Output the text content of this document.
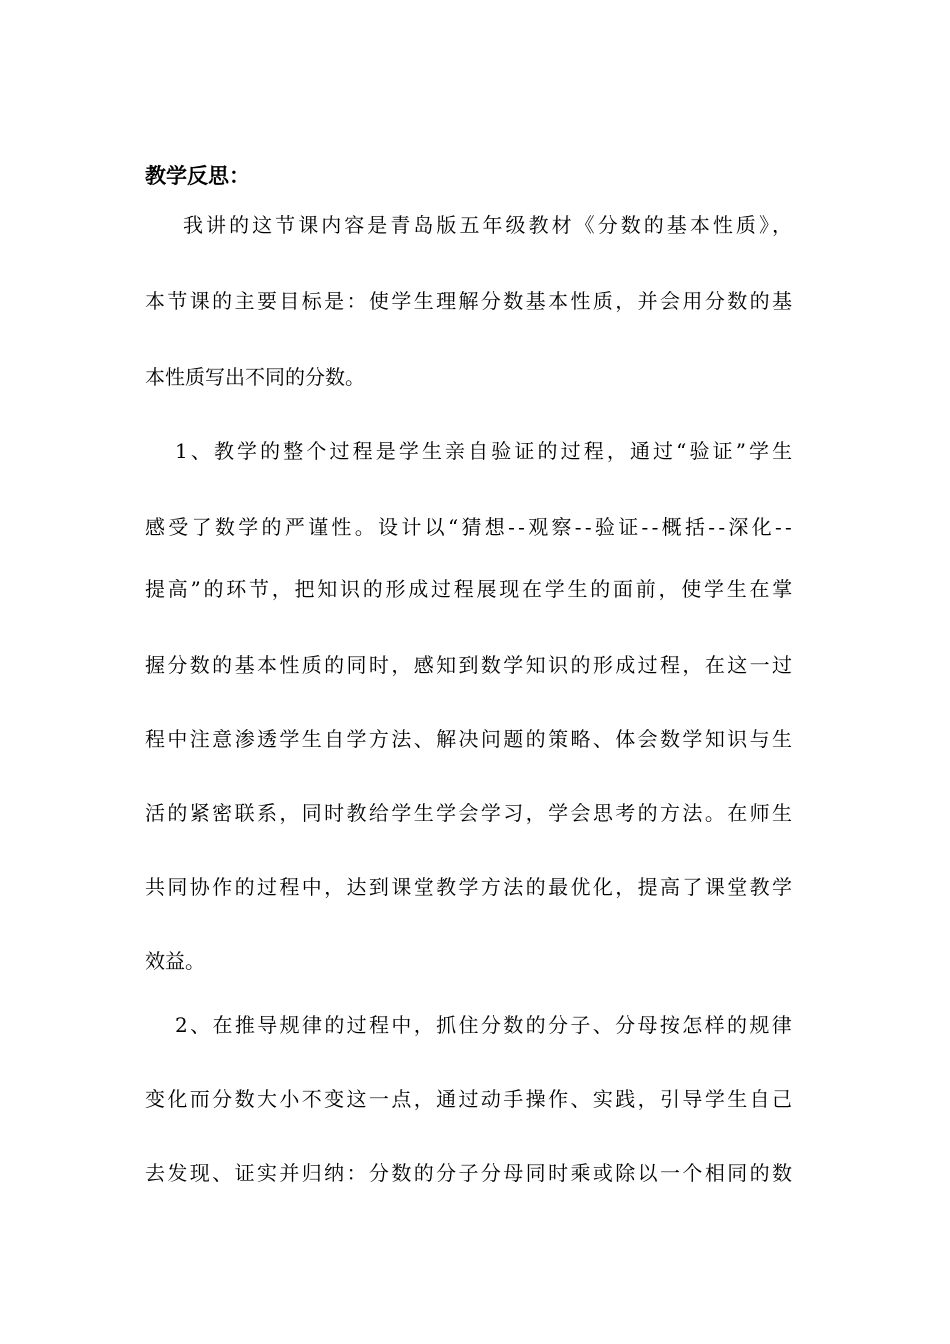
教学反思：
我讲的这节课内容是青岛版五年级教材《分数的基本性质》，
本节课的主要目标是：使学生理解分数基本性质，并会用分数的基
本性质写出不同的分数。
1、教学的整个过程是学生亲自验证的过程，通过“验证”学生
感受了数学的严谨性。设计以“猜想--观察--验证--概括--深化--
提高”的环节，把知识的形成过程展现在学生的面前，使学生在掌
握分数的基本性质的同时，感知到数学知识的形成过程，在这一过
程中注意渗透学生自学方法、解决问题的策略、体会数学知识与生
活的紧密联系，同时教给学生学会学习，学会思考的方法。在师生
共同协作的过程中，达到课堂教学方法的最优化，提高了课堂教学
效益。
2、在推导规律的过程中，抓住分数的分子、分母按怎样的规律
变化而分数大小不变这一点，通过动手操作、实践，引导学生自己
去发现、证实并归纳：分数的分子分母同时乘或除以一个相同的数
